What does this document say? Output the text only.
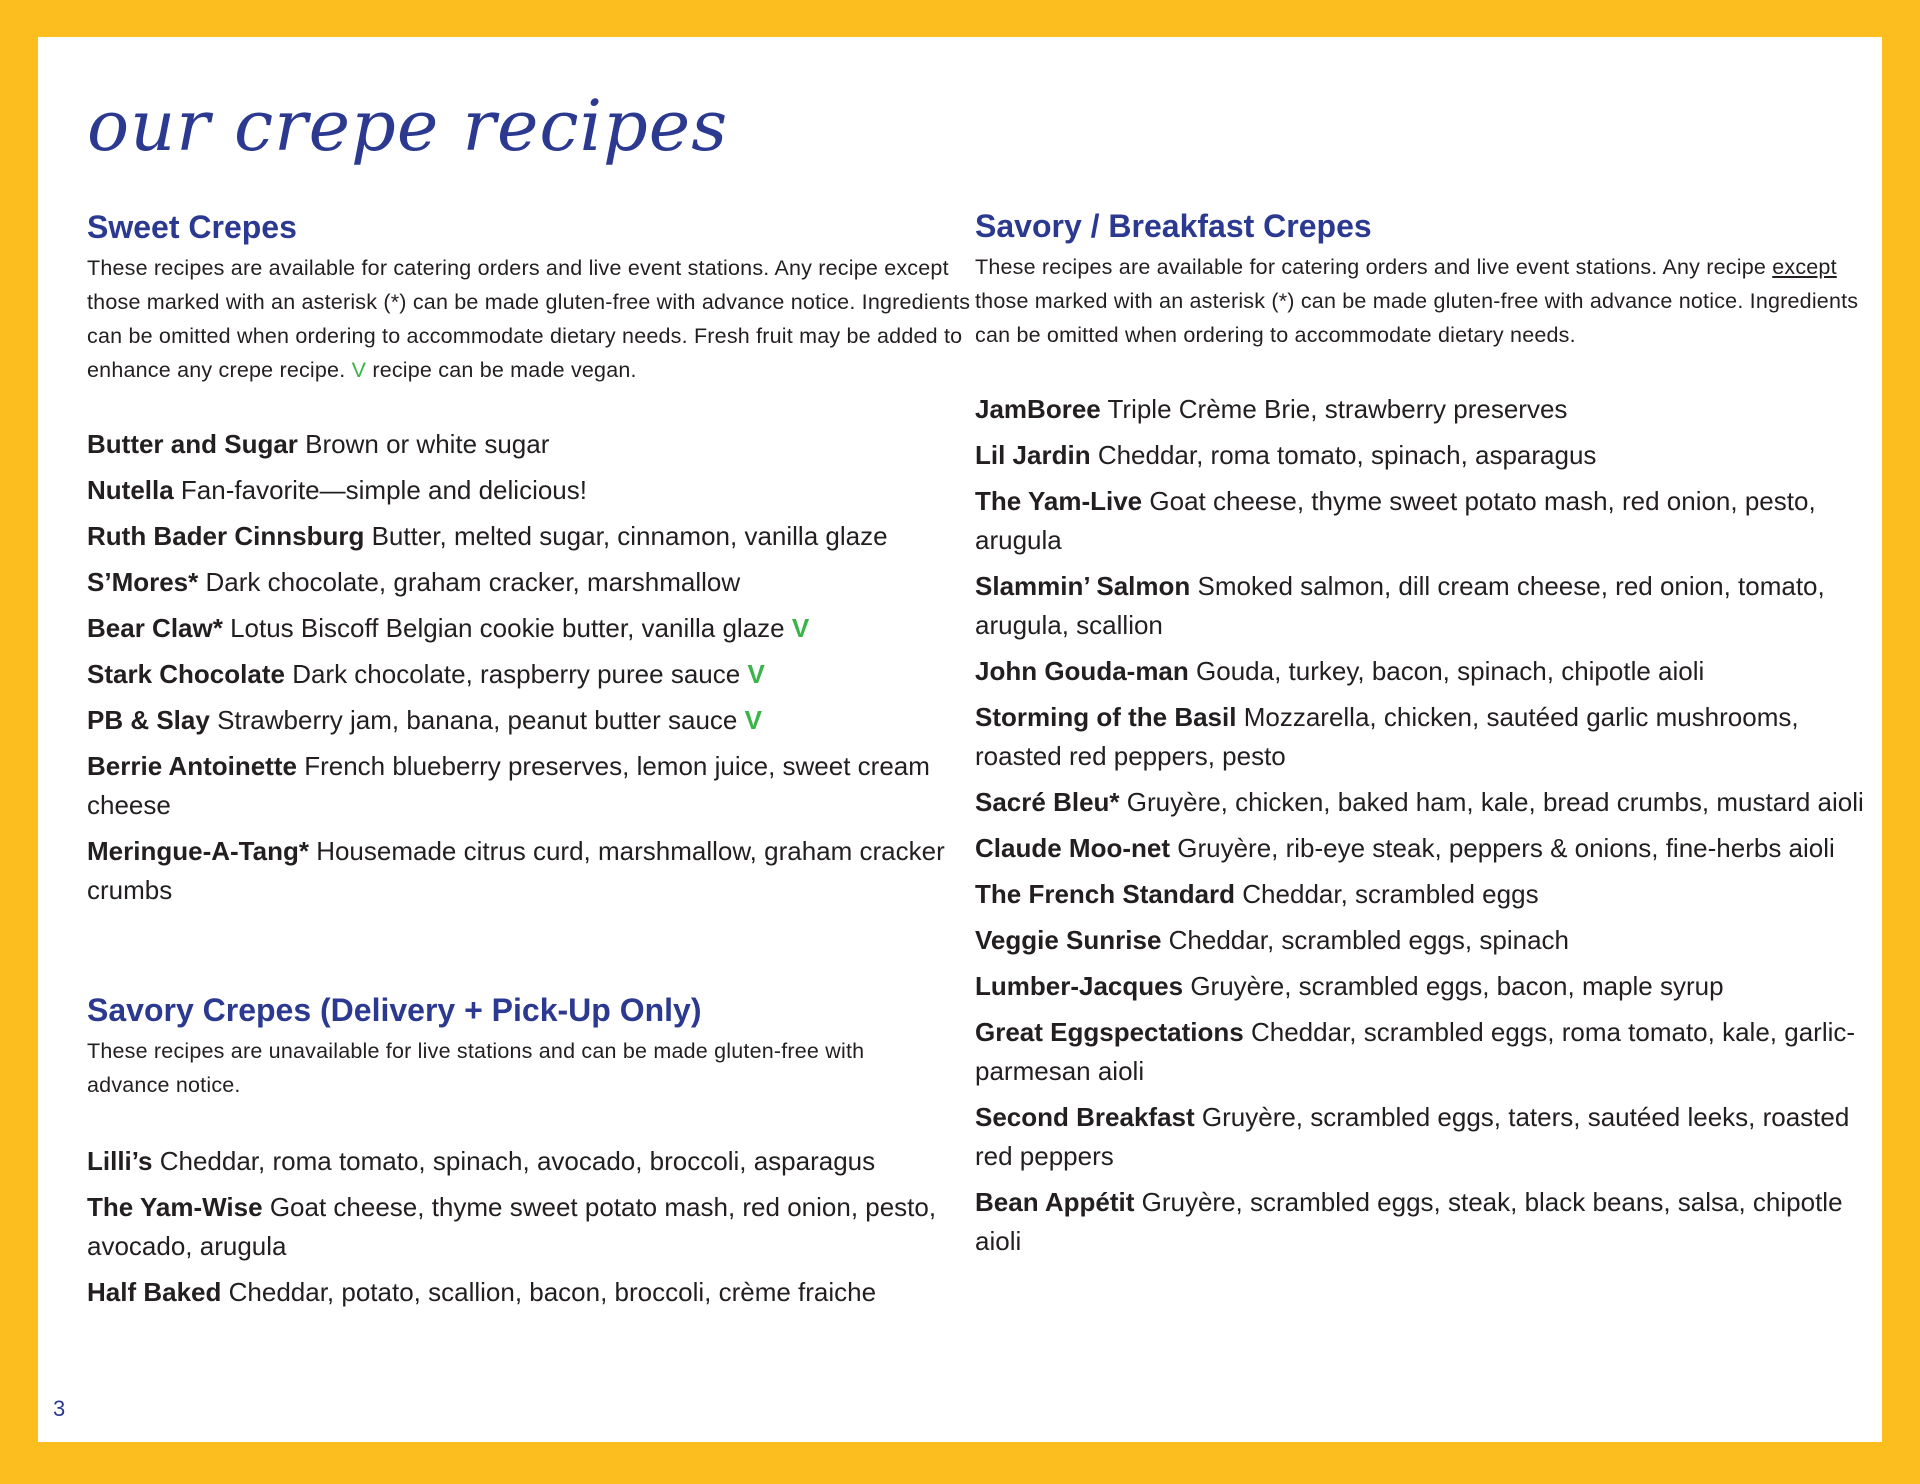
our crepe recipes
Sweet Crepes

These recipes are available for catering orders and live event stations. Any recipe except those marked with an asterisk (*) can be made gluten-free with advance notice. Ingredients can be omitted when ordering to accommodate dietary needs. Fresh fruit may be added to enhance any crepe recipe. V recipe can be made vegan.

Butter and Sugar Brown or white sugar
Nutella Fan-favorite—simple and delicious!
Ruth Bader Cinnsburg Butter, melted sugar, cinnamon, vanilla glaze
S’Mores* Dark chocolate, graham cracker, marshmallow
Bear Claw* Lotus Biscoff Belgian cookie butter, vanilla glaze V
Stark Chocolate Dark chocolate, raspberry puree sauce V
PB & Slay Strawberry jam, banana, peanut butter sauce V
Berrie Antoinette French blueberry preserves, lemon juice, sweet cream cheese
Meringue-A-Tang* Housemade citrus curd, marshmallow, graham cracker crumbs
Savory Crepes (Delivery + Pick-Up Only)

These recipes are unavailable for live stations and can be made gluten-free with advance notice.

Lilli’s Cheddar, roma tomato, spinach, avocado, broccoli, asparagus
The Yam-Wise Goat cheese, thyme sweet potato mash, red onion, pesto, avocado, arugula
Half Baked Cheddar, potato, scallion, bacon, broccoli, crème fraiche
Savory / Breakfast Crepes

These recipes are available for catering orders and live event stations. Any recipe except those marked with an asterisk (*) can be made gluten-free with advance notice. Ingredients can be omitted when ordering to accommodate dietary needs.

JamBoree Triple Crème Brie, strawberry preserves
Lil Jardin Cheddar, roma tomato, spinach, asparagus
The Yam-Live Goat cheese, thyme sweet potato mash, red onion, pesto, arugula
Slammin’ Salmon Smoked salmon, dill cream cheese, red onion, tomato, arugula, scallion
John Gouda-man Gouda, turkey, bacon, spinach, chipotle aioli
Storming of the Basil Mozzarella, chicken, sautéed garlic mushrooms, roasted red peppers, pesto
Sacré Bleu* Gruyère, chicken, baked ham, kale, bread crumbs, mustard aioli
Claude Moo-net Gruyère, rib-eye steak, peppers & onions, fine-herbs aioli
The French Standard Cheddar, scrambled eggs
Veggie Sunrise Cheddar, scrambled eggs, spinach
Lumber-Jacques Gruyère, scrambled eggs, bacon, maple syrup
Great Eggspectations Cheddar, scrambled eggs, roma tomato, kale, garlic-parmesan aioli
Second Breakfast Gruyère, scrambled eggs, taters, sautéed leeks, roasted red peppers
Bean Appétit Gruyère, scrambled eggs, steak, black beans, salsa, chipotle aioli
3
